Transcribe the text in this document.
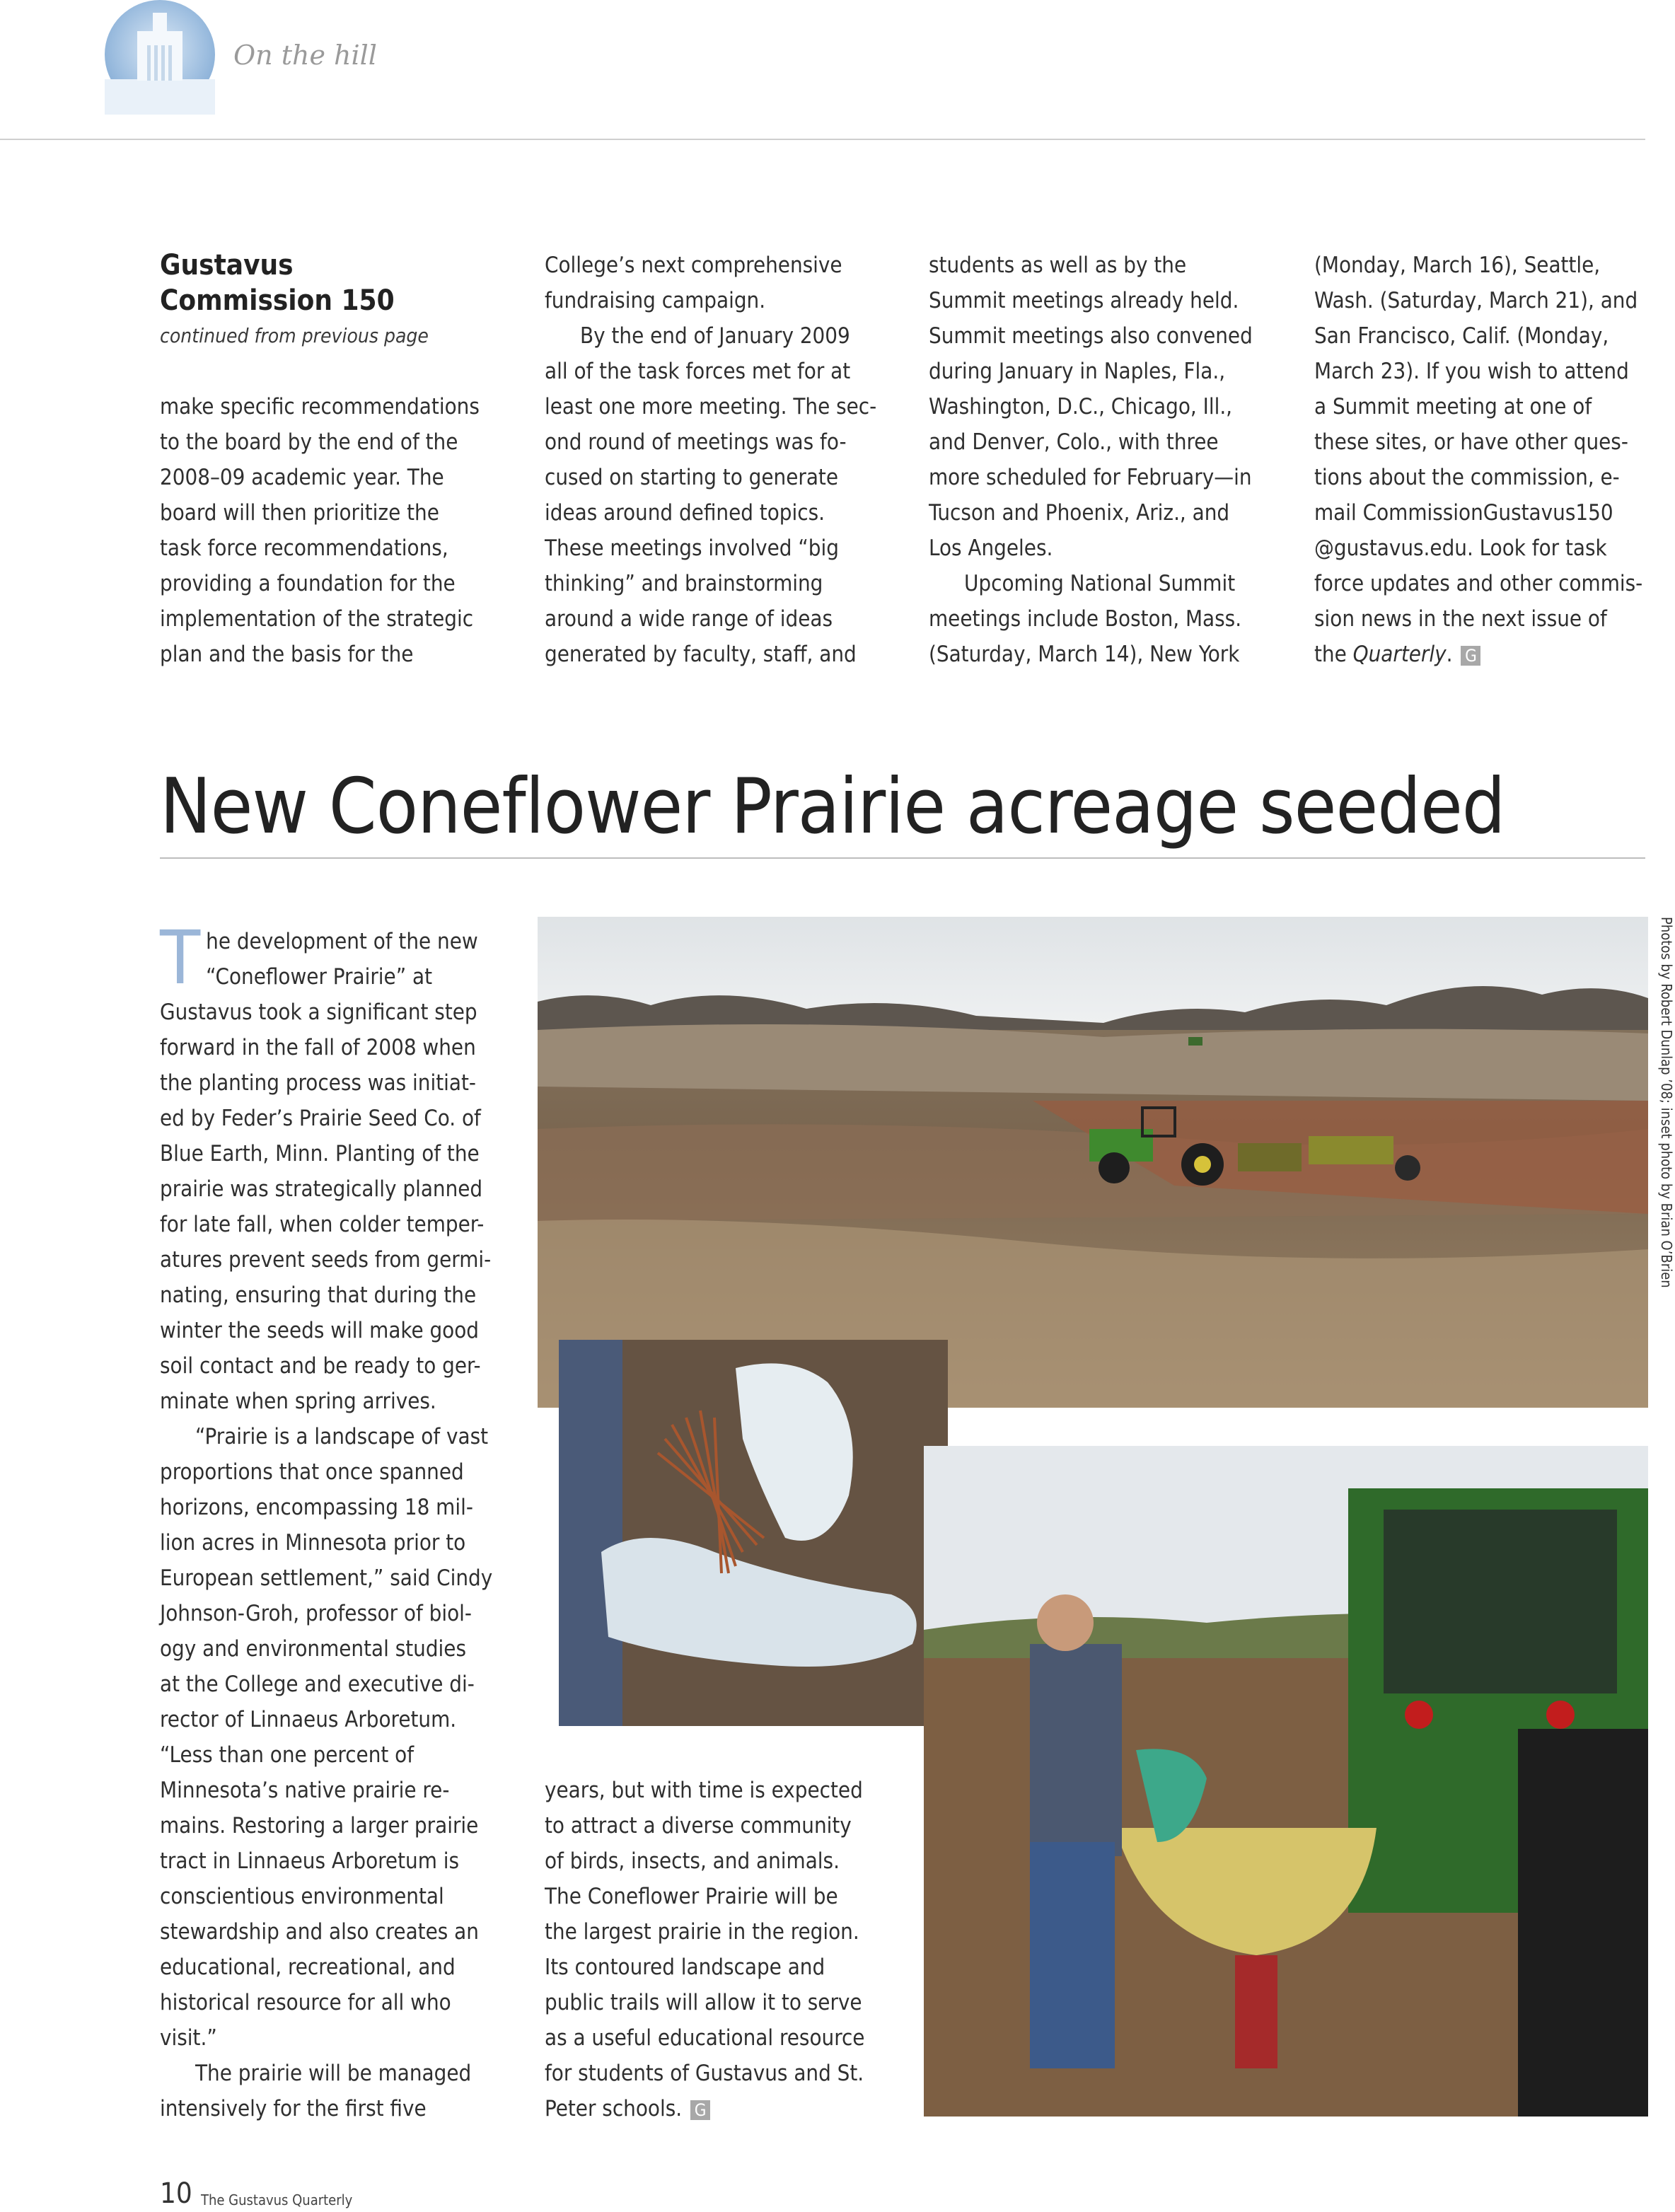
On the hill
Gustavus
Commission 150
continued from previous page
make specific recommendations
to the board by the end of the
2008–09 academic year. The
board will then prioritize the
task force recommendations,
providing a foundation for the
implementation of the strategic
plan and the basis for the
College’s next comprehensive
fundraising campaign.
By the end of January 2009
all of the task forces met for at
least one more meeting. The sec-
ond round of meetings was fo-
cused on starting to generate
ideas around defined topics.
These meetings involved “big
thinking” and brainstorming
around a wide range of ideas
generated by faculty, staff, and
students as well as by the
Summit meetings already held.
Summit meetings also convened
during January in Naples, Fla.,
Washington, D.C., Chicago, Ill.,
and Denver, Colo., with three
more scheduled for February—in
Tucson and Phoenix, Ariz., and
Los Angeles.
Upcoming National Summit
meetings include Boston, Mass.
(Saturday, March 14), New York
(Monday, March 16), Seattle,
Wash. (Saturday, March 21), and
San Francisco, Calif. (Monday,
March 23). If you wish to attend
a Summit meeting at one of
these sites, or have other ques-
tions about the commission, e-
mail CommissionGustavus150
@gustavus.edu. Look for task
force updates and other commis-
sion news in the next issue of
the Quarterly. G
New Coneflower Prairie acreage seeded
T he development of the new
“Coneflower Prairie” at
Gustavus took a significant step
forward in the fall of 2008 when
the planting process was initiat-
ed by Feder’s Prairie Seed Co. of
Blue Earth, Minn. Planting of the
prairie was strategically planned
for late fall, when colder temper-
atures prevent seeds from germi-
nating, ensuring that during the
winter the seeds will make good
soil contact and be ready to ger-
minate when spring arrives.
“Prairie is a landscape of vast
proportions that once spanned
horizons, encompassing 18 mil-
lion acres in Minnesota prior to
European settlement,” said Cindy
Johnson-Groh, professor of biol-
ogy and environmental studies
at the College and executive di-
rector of Linnaeus Arboretum.
“Less than one percent of
Minnesota’s native prairie re-
mains. Restoring a larger prairie
tract in Linnaeus Arboretum is
conscientious environmental
stewardship and also creates an
educational, recreational, and
historical resource for all who
visit.”
The prairie will be managed
intensively for the first five
years, but with time is expected
to attract a diverse community
of birds, insects, and animals.
The Coneflower Prairie will be
the largest prairie in the region.
Its contoured landscape and
public trails will allow it to serve
as a useful educational resource
for students of Gustavus and St.
Peter schools. G
Photos by Robert Dunlap ’08; inset photo by Brian O’Brien
10 The Gustavus Quarterly
